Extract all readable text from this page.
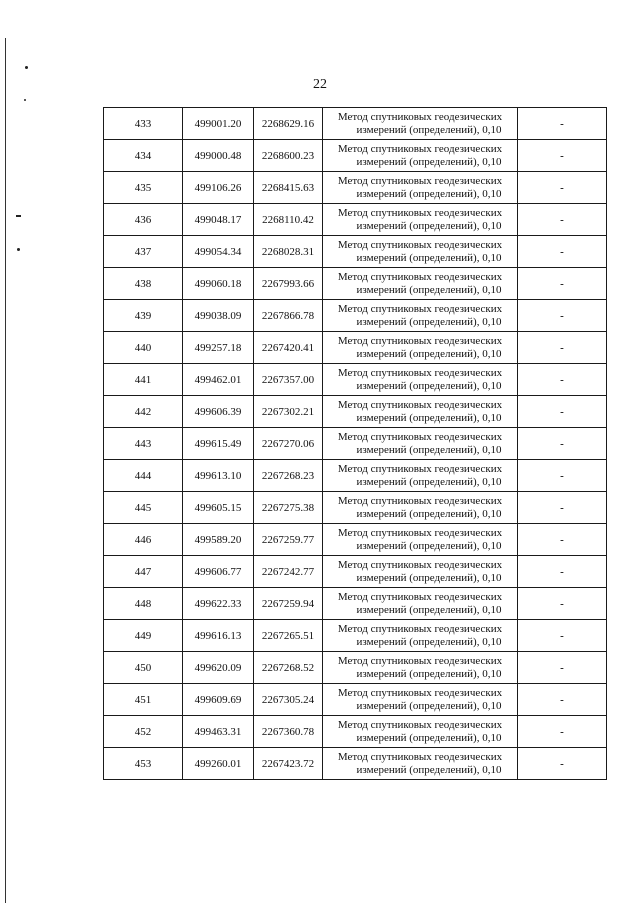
22
433	499001.20	2268629.16	Метод спутниковых геодезических
измерений (определений), 0,10	-
434	499000.48	2268600.23	Метод спутниковых геодезических
измерений (определений), 0,10	-
435	499106.26	2268415.63	Метод спутниковых геодезических
измерений (определений), 0,10	-
436	499048.17	2268110.42	Метод спутниковых геодезических
измерений (определений), 0,10	-
437	499054.34	2268028.31	Метод спутниковых геодезических
измерений (определений), 0,10	-
438	499060.18	2267993.66	Метод спутниковых геодезических
измерений (определений), 0,10	-
439	499038.09	2267866.78	Метод спутниковых геодезических
измерений (определений), 0,10	-
440	499257.18	2267420.41	Метод спутниковых геодезических
измерений (определений), 0,10	-
441	499462.01	2267357.00	Метод спутниковых геодезических
измерений (определений), 0,10	-
442	499606.39	2267302.21	Метод спутниковых геодезических
измерений (определений), 0,10	-
443	499615.49	2267270.06	Метод спутниковых геодезических
измерений (определений), 0,10	-
444	499613.10	2267268.23	Метод спутниковых геодезических
измерений (определений), 0,10	-
445	499605.15	2267275.38	Метод спутниковых геодезических
измерений (определений), 0,10	-
446	499589.20	2267259.77	Метод спутниковых геодезических
измерений (определений), 0,10	-
447	499606.77	2267242.77	Метод спутниковых геодезических
измерений (определений), 0,10	-
448	499622.33	2267259.94	Метод спутниковых геодезических
измерений (определений), 0,10	-
449	499616.13	2267265.51	Метод спутниковых геодезических
измерений (определений), 0,10	-
450	499620.09	2267268.52	Метод спутниковых геодезических
измерений (определений), 0,10	-
451	499609.69	2267305.24	Метод спутниковых геодезических
измерений (определений), 0,10	-
452	499463.31	2267360.78	Метод спутниковых геодезических
измерений (определений), 0,10	-
453	499260.01	2267423.72	Метод спутниковых геодезических
измерений (определений), 0,10	-
